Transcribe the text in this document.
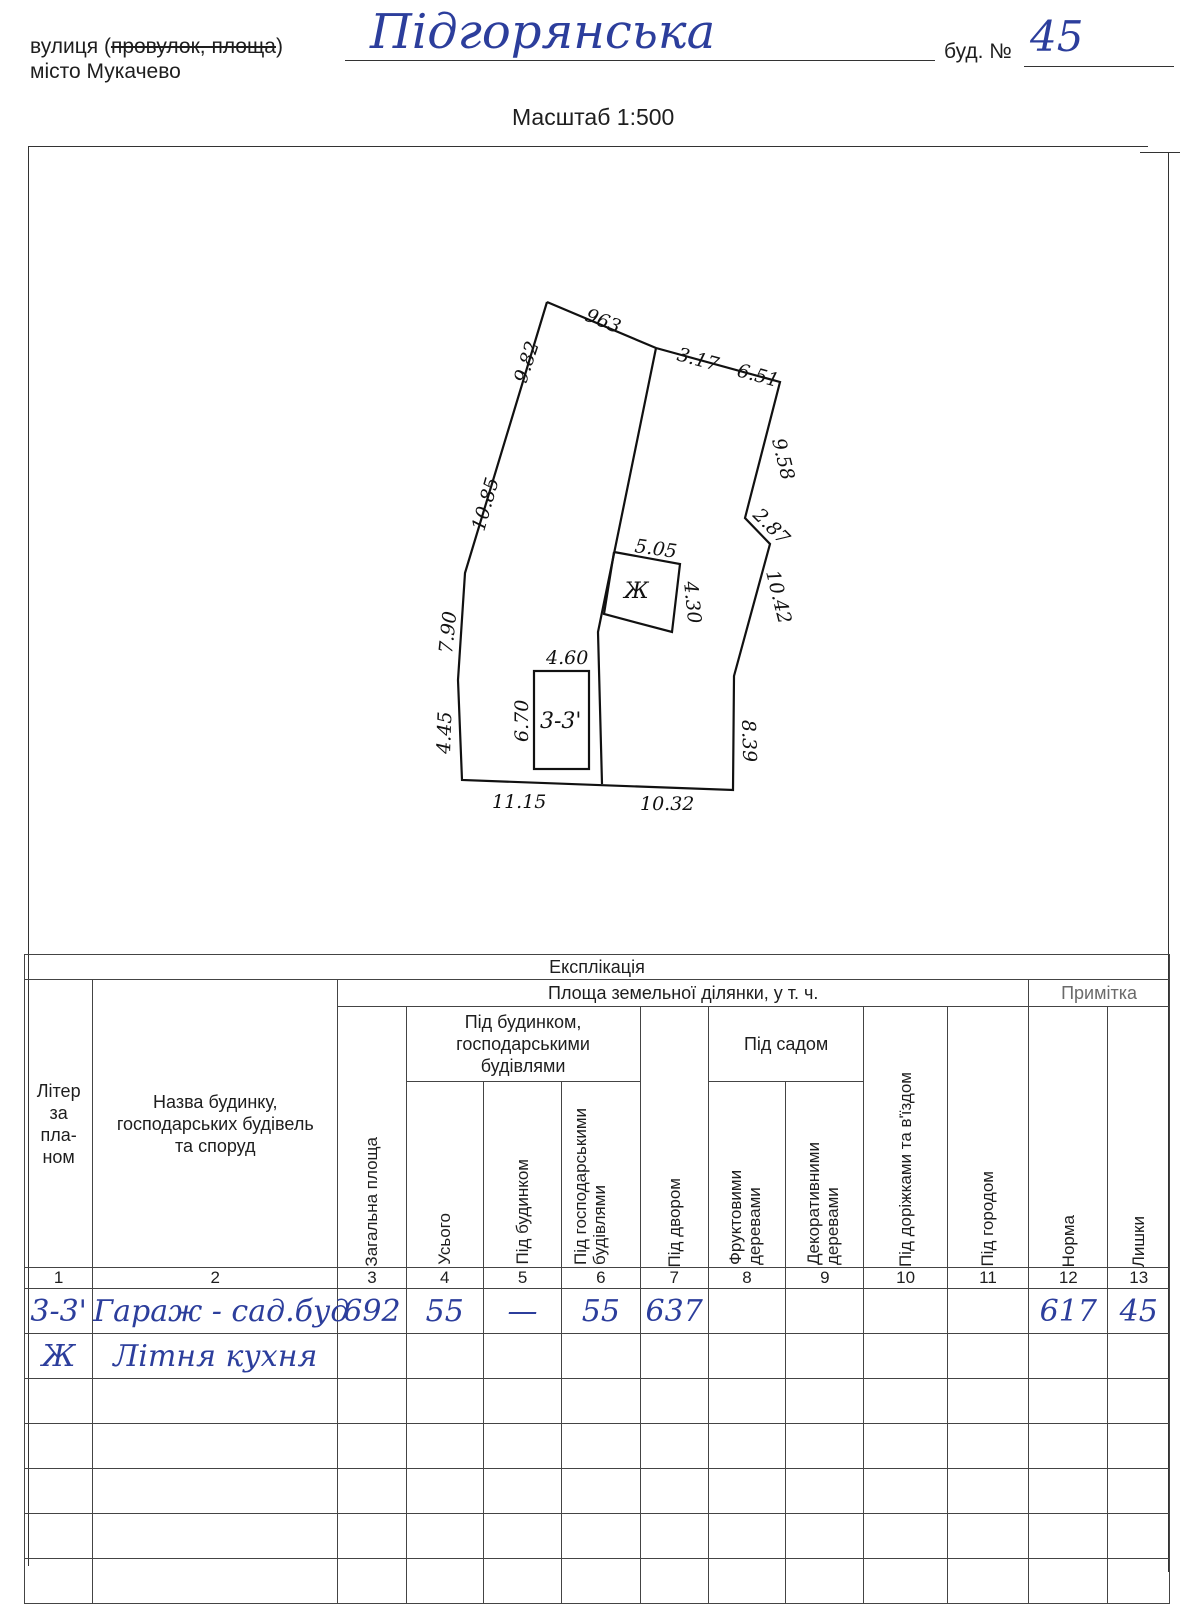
вулиця (провулок, площа)
місто Мукачево
Підгорянська	буд. № 45
Масштаб 1:500
963
3.17 6.51
9.82
10.85
7.90
4.45
9.58
2.87
10.42
8.39
11.15	10.32
5.05
4.30
4.60
6.70
Ж
3-3'
Експлікація												

Літер за пла-ном	Назва будинку, господарських будівель та споруд	Площа земельної ділянки, у т. ч.									Примітка	

		Загальна площа	Під будинком, господарськими будівлями			Під двором	Під садом		Під доріжками та в'їздом	Під городом	Норма	Лишки

			Усього	Під будинком	Під господарськими будівлями		Фруктовими деревами	Декоративними деревами				

1	2	3	4	5	6	7	8	9	10	11	12	13
3-3'	Гараж - сад.буд	692	55	—	55	637					617	45
Ж	Літня кухня											
